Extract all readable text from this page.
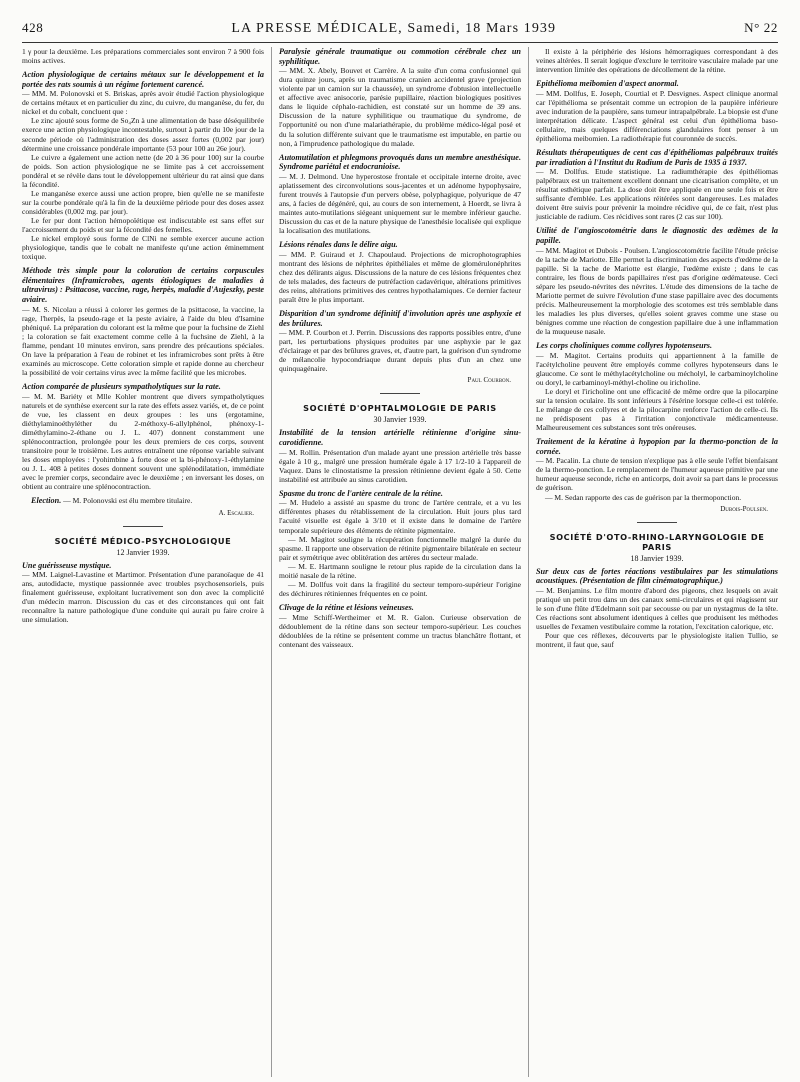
428	LA PRESSE MÉDICALE, Samedi, 18 Mars 1939	N° 22

1 γ pour la deuxième. Les préparations commerciales sont environ 7 à 900 fois moins actives.

Action physiologique de certains métaux sur le développement et la portée des rats soumis à un régime fortement carencé.
— MM. M. Polonovski et S. Briskas, après avoir étudié l'action physiologique de certains métaux et en particulier du zinc, du cuivre, du manganèse, du fer, du nickel et du cobalt, concluent que :

Le zinc ajouté sous forme de So₄Zn à une alimentation de base déséquilibrée exerce une action physiologique incontestable, surtout à partir du 10e jour de la seconde période où l'administration des doses assez fortes (0,002 par jour) détermine une croissance pondérale importante (53 pour 100 au 26e jour).

Le cuivre a également une action nette (de 20 à 36 pour 100) sur la courbe de poids. Son action physiologique ne se limite pas à cet accroissement pondéral et se révèle dans tout le développement ultérieur du rat ainsi que dans la fécondité.

Le manganèse exerce aussi une action propre, bien qu'elle ne se manifeste sur la courbe pondérale qu'à la fin de la deuxième période pour des doses assez considérables (0,002 mg. par jour).

Le fer pur dont l'action hémopoïétique est indiscutable est sans effet sur l'accroissement du poids et sur la fécondité des femelles.

Le nickel employé sous forme de ClNi ne semble exercer aucune action physiologique, tandis que le cobalt ne manifeste qu'une action éminemment toxique.

Méthode très simple pour la coloration de certains corpuscules élémentaires (Inframicrobes, agents étiologiques de maladies à ultravirus) : Psittacose, vaccine, rage, herpès, maladie d'Aujeszky, peste aviaire.
— M. S. Nicolau a réussi à colorer les germes de la psittacose, la vaccine, la rage, l'herpès, la pseudo-rage et la peste aviaire, à l'aide du bleu d'Isamine phéniqué. La préparation du colorant est la même que pour la fuchsine de Ziehl ; la coloration se fait exactement comme celle à la fuchsine de Ziehl, à la flamme, pendant 10 minutes environ, sans prendre des précautions spéciales. On lave la préparation à l'eau de robinet et les inframicrobes sont prêts à être examinés au microscope. Cette coloration simple et rapide donne au chercheur la possibilité de voir certains virus avec la même facilité que les microbes.

Action comparée de plusieurs sympatholytiques sur la rate.
— M. M. Bariéty et Mlle Kohler montrent que divers sympatholytiques naturels et de synthèse exercent sur la rate des effets assez variés, et, de ce point de vue, les classent en deux groupes : les uns (ergotamine, diéthylaminoéthyléther du 2-méthoxy-6-allylphénol, phénoxy-1-diméthylamino-2-éthane ou J. L. 407) donnent constamment une splénocontraction, prolongée pour les deux premiers de ces corps, souvent transitoire pour le troisième. Les autres entraînent une réponse variable suivant les doses employées : l'yohimbine à forte dose et la bi-phénoxy-1-éthylamine ou J. L. 408 à petites doses donnent souvent une splénodilatation, immédiate avec le premier corps, secondaire avec le deuxième ; en inversant les doses, on obtient au contraire une splénocontraction.

Election. — M. Polonovski est élu membre titulaire.

A. Escalier.

SOCIÉTÉ MÉDICO-PSYCHOLOGIQUE
12 Janvier 1939.

Une guérisseuse mystique.
— MM. Laignel-Lavastine et Martimor. Présentation d'une paranoïaque de 41 ans, autodidacte, mystique passionnée avec troubles psychosensoriels, puis finalement guérisseuse, exploitant lucrativement son don avec la complicité d'un médecin marron. Discussion du cas et des circonstances qui ont fait reconnaître la nature pathologique d'une conduite qui aurait pu faire croire à une simulation.

Paralysie générale traumatique ou commotion cérébrale chez un syphilitique.
— MM. X. Abely, Bouvet et Carrère. A la suite d'un coma confusionnel qui dura quinze jours, après un traumatisme cranien accidentel grave (projection violente par un camion sur la chaussée), un syndrome d'obtusion intellectuelle et affective avec anisocorie, parésie pupillaire, réaction biologiques positives dans le liquide céphalo-rachidien, est constaté sur un homme de 39 ans. Discussion de la nature syphilitique ou traumatique du syndrome, de l'opportunité ou non d'une malariathérapie, du problème médico-légal posé et du la solution différente suivant que le traumatisme est imputable, en partie ou non, à l'imprudence pathologique du malade.

Automutilation et phlegmons provoqués dans un membre anesthésique. Syndrome pariétal et endocranioise.
— M. J. Delmond. Une hyperostose frontale et occipitale interne droite, avec aplatissement des circonvolutions sous-jacentes et un adénome hypophysaire, furent trouvés à l'autopsie d'un pervers obèse, polyphagique, polyurique de 47 ans, à facies de dégénéré, qui, au cours de son internement, à Hoerdt, se livra à maintes auto-mutilations siégeant uniquement sur le membre inférieur gauche. Discussion du cas et de la nature physique de l'anesthésie localisée qui explique la localisation des mutilations.

Lésions rénales dans le délire aigu.
— MM. P. Guiraud et J. Chapoulaud. Projections de microphotographies montrant des lésions de néphrites épithéliales et même de glomérulonéphrites chez des délirants aigus. Discussions de la nature de ces lésions fréquentes chez de tels malades, des facteurs de putréfaction cadavérique, altérations primitives des reins, altérations primitives des centres hypothalamiques. Ce dernier facteur paraît être le plus important.

Disparition d'un syndrome définitif d'involution après une asphyxie et des brûlures.
— MM. P. Courbon et J. Perrin. Discussions des rapports possibles entre, d'une part, les perturbations physiques produites par une asphyxie par le gaz d'éclairage et par des brûlures graves, et, d'autre part, la guérison d'un syndrome de mélancolie hypocondriaque durant depuis plus d'un an chez une quinquagénaire.

Paul Courbon.

SOCIÉTÉ D'OPHTALMOLOGIE DE PARIS
30 Janvier 1939.

Instabilité de la tension artérielle rétinienne d'origine sinu-carotidienne.
— M. Rollin. Présentation d'un malade ayant une pression artérielle très basse égale à 10 g., malgré une pression humérale égale à 17 1/2-10 à l'appareil de Vaquez. Dans le clinostatisme la pression rétinienne devient égale à 50. Cette instabilité est attribuée au sinus carotidien.

Spasme du tronc de l'artère centrale de la rétine.
— M. Hudelo a assisté au spasme du tronc de l'artère centrale, et a vu les différentes phases du rétablissement de la circulation. Huit jours plus tard l'acuité visuelle est égale à 3/10 et il existe dans le domaine de l'artère temporale supérieure des éléments de rétinite pigmentaire.

— M. Magitot souligne la récupération fonctionnelle malgré la durée du spasme. Il rapporte une observation de rétinite pigmentaire bilatérale en secteur pair et symétrique avec oblitération des artères du secteur malade.

— M. E. Hartmann souligne le retour plus rapide de la circulation dans la moitié nasale de la rétine.

— M. Dollfus voit dans la fragilité du secteur temporo-supérieur l'origine des déchirures rétiniennes fréquentes en ce point.

Clivage de la rétine et lésions veineuses.
— Mme Schiff-Wertheimer et M. R. Galon. Curieuse observation de dédoublement de la rétine dans son secteur temporo-supérieur. Les couches dédoublées de la rétine se présentent comme un tractus blanchâtre flottant, et contenant des vaisseaux.

Il existe à la périphérie des lésions hémorragiques correspondant à des veines altérées. Il serait logique d'exclure le territoire vasculaire malade par une intervention limitée des opérations de décollement de la rétine.

Epithélioma meibomien d'aspect anormal.
— MM. Dollfus, E. Joseph, Courtial et P. Desvignes. Aspect clinique anormal car l'épithélioma se présentait comme un ectropion de la paupière inférieure avec induration de la paupière, sans tumeur intrapalpébrale. La biopsie est d'une interprétation délicate. L'aspect général est celui d'un épithélioma baso-cellulaire, mais quelques différenciations glandulaires font penser à un épithélioma meibomien. La radiothérapie fut couronnée de succès.

Résultats thérapeutiques de cent cas d'épithéliomas palpébraux traités par irradiation à l'Institut du Radium de Paris de 1935 à 1937.
— M. Dollfus. Etude statistique. La radiumthérapie des épithéliomas palpébraux est un traitement excellent donnant une cicatrisation complète, et un résultat esthétique parfait. La dose doit être appliquée en une seule fois et être suffisante d'emblée. Les applications réitérées sont dangereuses. Les malades doivent être suivis pour prévenir la moindre récidive qui, de ce fait, n'est plus justiciable de radium. Ces récidives sont rares (2 cas sur 100).

Utilité de l'angioscotométrie dans le diagnostic des œdèmes de la papille.
— MM. Magitot et Dubois - Poulsen. L'angioscotométrie facilite l'étude précise de la tache de Mariotte. Elle permet la discrimination des aspects d'œdème de la papille. Si la tache de Mariotte est élargie, l'œdème existe ; dans le cas contraire, les flous de bords papillaires n'est pas d'origine œdémateuse. Ceci sépare les pseudo-névrites des névrites. L'étude des dimensions de la tache de Mariotte permet de suivre l'évolution d'une stase papillaire avec des documents précis. Malheureusement la morphologie des scotomes est très semblable dans les maladies les plus diverses, qu'elles soient graves comme une stase ou bénignes comme une réaction de congestion papillaire due à une inflammation de la muqueuse nasale.

Les corps cholíniques comme collyres hypotenseurs.
— M. Magitot. Certains produits qui appartiennent à la famille de l'acétylcholine peuvent être employés comme collyres hypotenseurs dans le glaucome. Ce sont le méthylacétylcholine ou mécholyl, le carbaminoylcholine ou doryl, le carbaminoyl-méthyl-choline ou iricholine.

Le doryl et l'iricholine ont une efficacité de même ordre que la pilocarpine sur la tension oculaire. Ils sont inférieurs à l'ésérine lorsque celle-ci est tolérée. Le mélange de ces collyres et de la pilocarpine renforce l'action de celle-ci. Ils ne prédisposent pas à l'irritation conjonctivale médicamenteuse. Malheureusement ces substances sont très onéreuses.

Traitement de la kératine à hypopion par la thermo-ponction de la cornée.
— M. Pacalin. La chute de tension n'explique pas à elle seule l'effet bienfaisant de la thermo-ponction. Le remplacement de l'humeur aqueuse primitive par une humeur aqueuse seconde, riche en anticorps, doit avoir sa part dans le processus de guérison.

— M. Sedan rapporte des cas de guérison par la thermoponction.

Dubois-Poulsen.

SOCIÉTÉ D'OTO-RHINO-LARYNGOLOGIE DE PARIS
18 Janvier 1939.

Sur deux cas de fortes réactions vestibulaires par les stimulations acoustiques. (Présentation de film cinématographique.)
— M. Benjamins. Le film montre d'abord des pigeons, chez lesquels on avait pratiqué un petit trou dans un des canaux semi-circulaires et qui réagissent sur le son d'une flûte d'Edelmann soit par secousse ou par un nystagmus de la tête. Ces réactions sont absolument identiques à celles que produisent les méthodes usuelles de l'examen vestibulaire comme la rotation, l'excitation calorique, etc.

Pour que ces réflexes, découverts par le physiologiste italien Tullio, se montrent, il faut que, sauf
